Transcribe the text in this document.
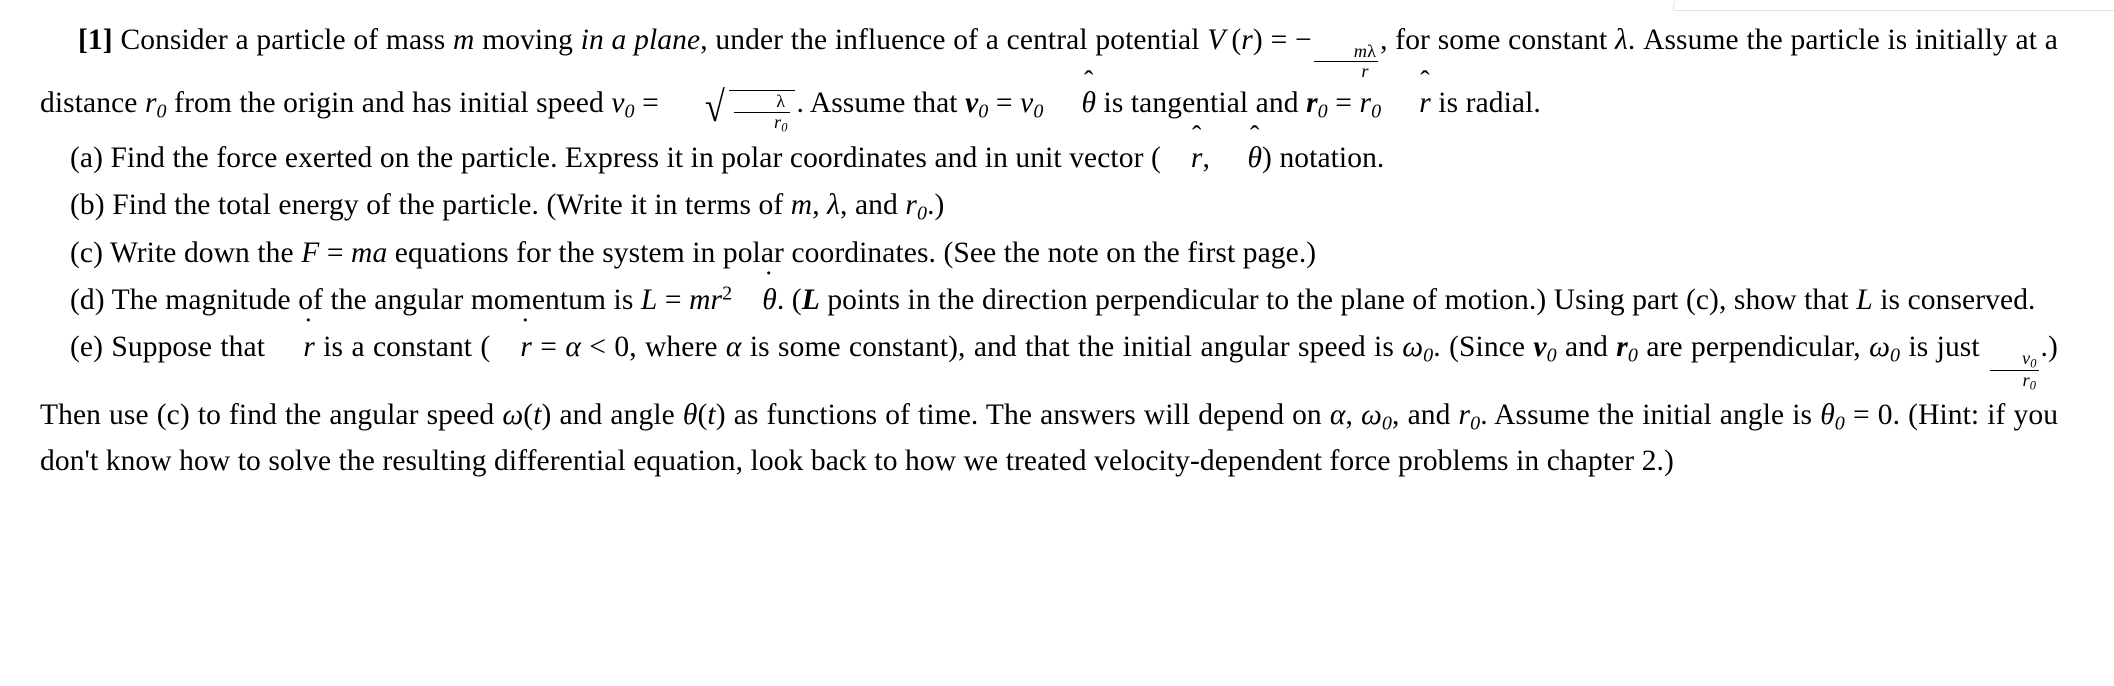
[1] Consider a particle of mass m moving in a plane, under the influence of a central potential V (r) = −
$\frac{m\lambda}{r}$
, for some constant λ. Assume the particle is initially at a distance $r_0$ from the origin and has initial speed $v_0$ =	√ $\frac{\lambda}{r_0}$ . Assume that $v_0 = v_0$ θ ˆ is tangential and $r_0 = r_0$ r ˆ is radial.

(a) Find the force exerted on the particle. Express it in polar coordinates and in unit vector ( r ˆ, θ ˆ) notation.

(b) Find the total energy of the particle. (Write it in terms of m, λ, and $r_0$.)

(c) Write down the F = ma equations for the system in polar coordinates. (See the note on the first page.)

(d) The magnitude of the angular momentum is $L = mr^2$ θ ˙. (L points in the direction perpendicular to the plane of motion.) Using part (c), show that L is conserved.

(e) Suppose that r ˙ is a constant ( r ˙ = α < 0, where α is some constant), and that the initial angular speed is $\omega_0$. (Since $v_0$ and $r_0$ are perpendicular, $\omega_0$ is just
$\frac{v_0}{r_0}$
.) Then use (c) to find the angular speed ω(t) and angle θ(t) as functions of time. The answers will depend on α, $\omega_0$, and $r_0$. Assume the initial angle is $\theta_0 = 0$. (Hint: if you don't know how to solve the resulting differential equation, look back to how we treated velocity-dependent force problems in chapter 2.)
